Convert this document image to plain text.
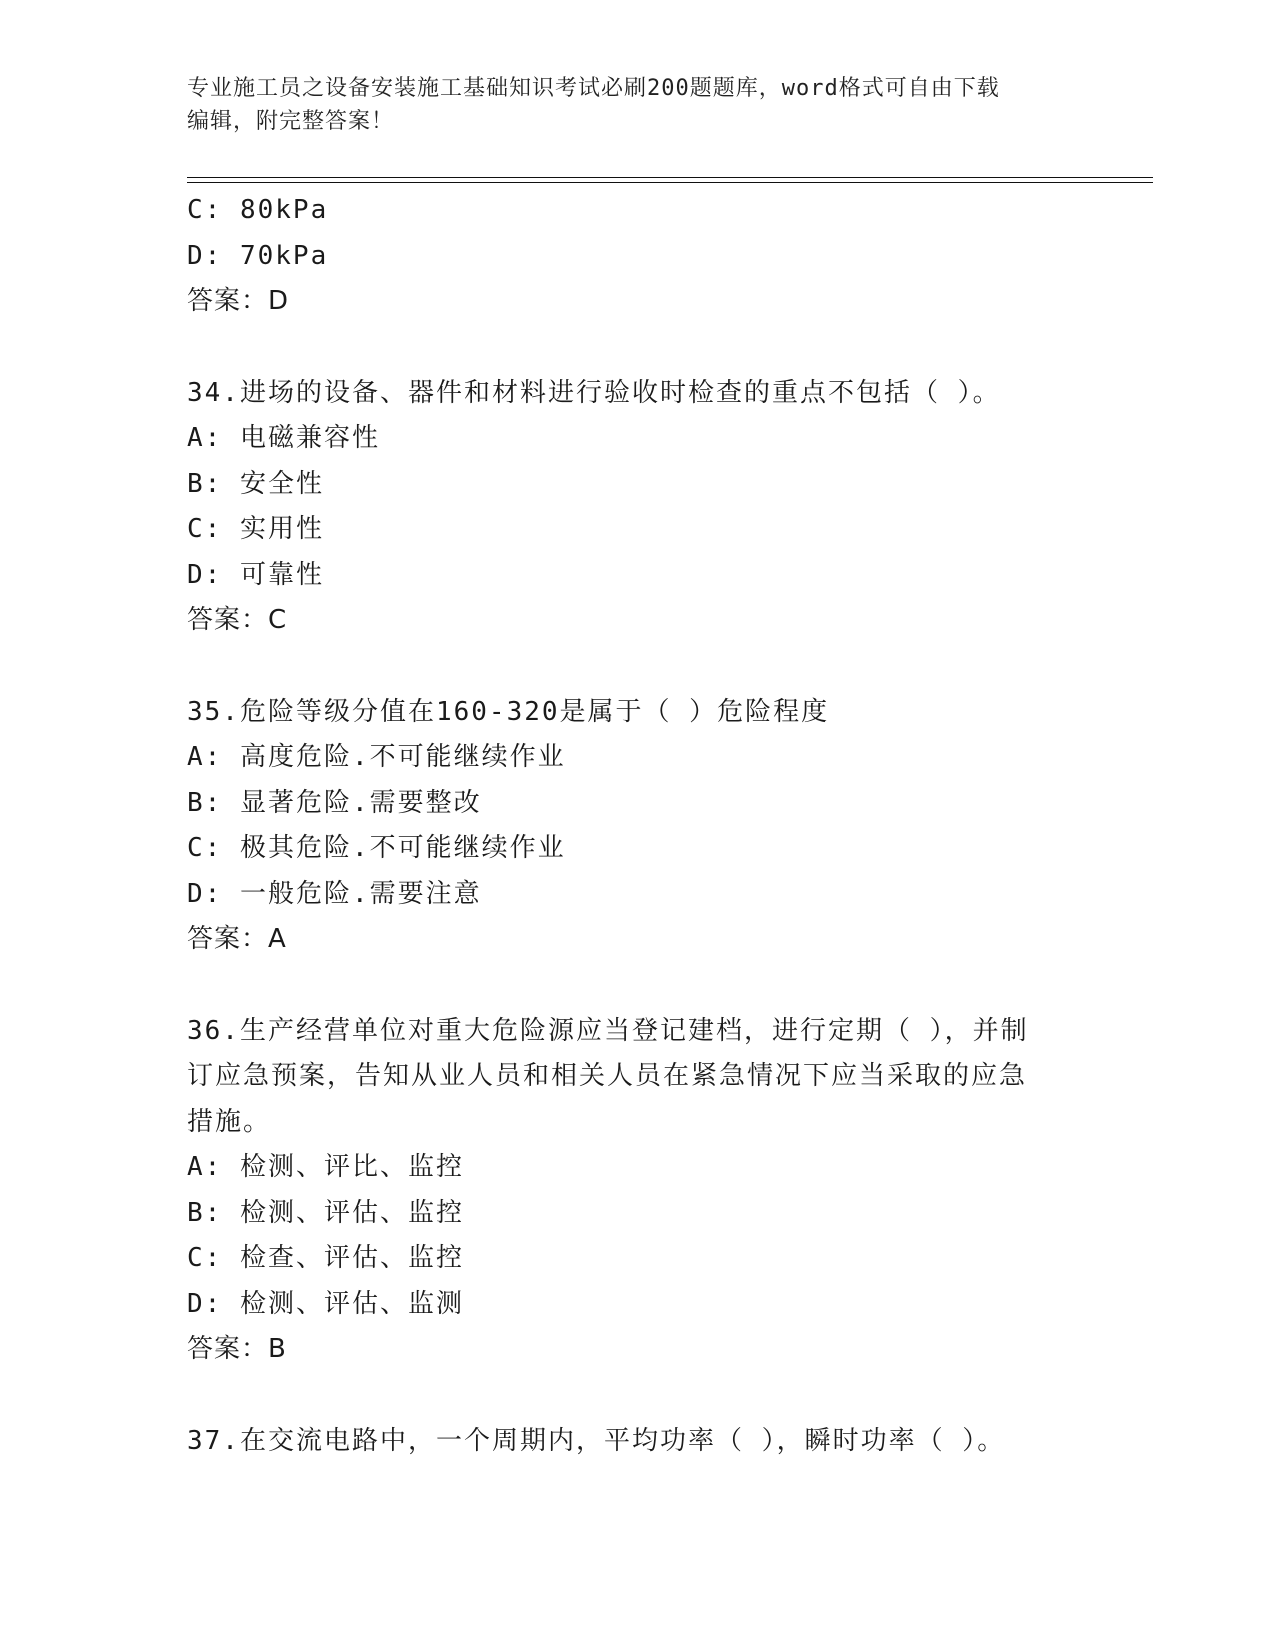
专业施工员之设备安装施工基础知识考试必刷200题题库，word格式可自由下载
编辑，附完整答案！
C: 80kPa
D: 70kPa
答案：D
34.进场的设备、器件和材料进行验收时检查的重点不包括（ ）。
A: 电磁兼容性
B: 安全性
C: 实用性
D: 可靠性
答案：C
35.危险等级分值在160-320是属于（ ）危险程度
A: 高度危险.不可能继续作业
B: 显著危险.需要整改
C: 极其危险.不可能继续作业
D: 一般危险.需要注意
答案：A
36.生产经营单位对重大危险源应当登记建档，进行定期（ ），并制
订应急预案，告知从业人员和相关人员在紧急情况下应当采取的应急
措施。
A: 检测、评比、监控
B: 检测、评估、监控
C: 检查、评估、监控
D: 检测、评估、监测
答案：B
37.在交流电路中，一个周期内，平均功率（ ），瞬时功率（ ）。
